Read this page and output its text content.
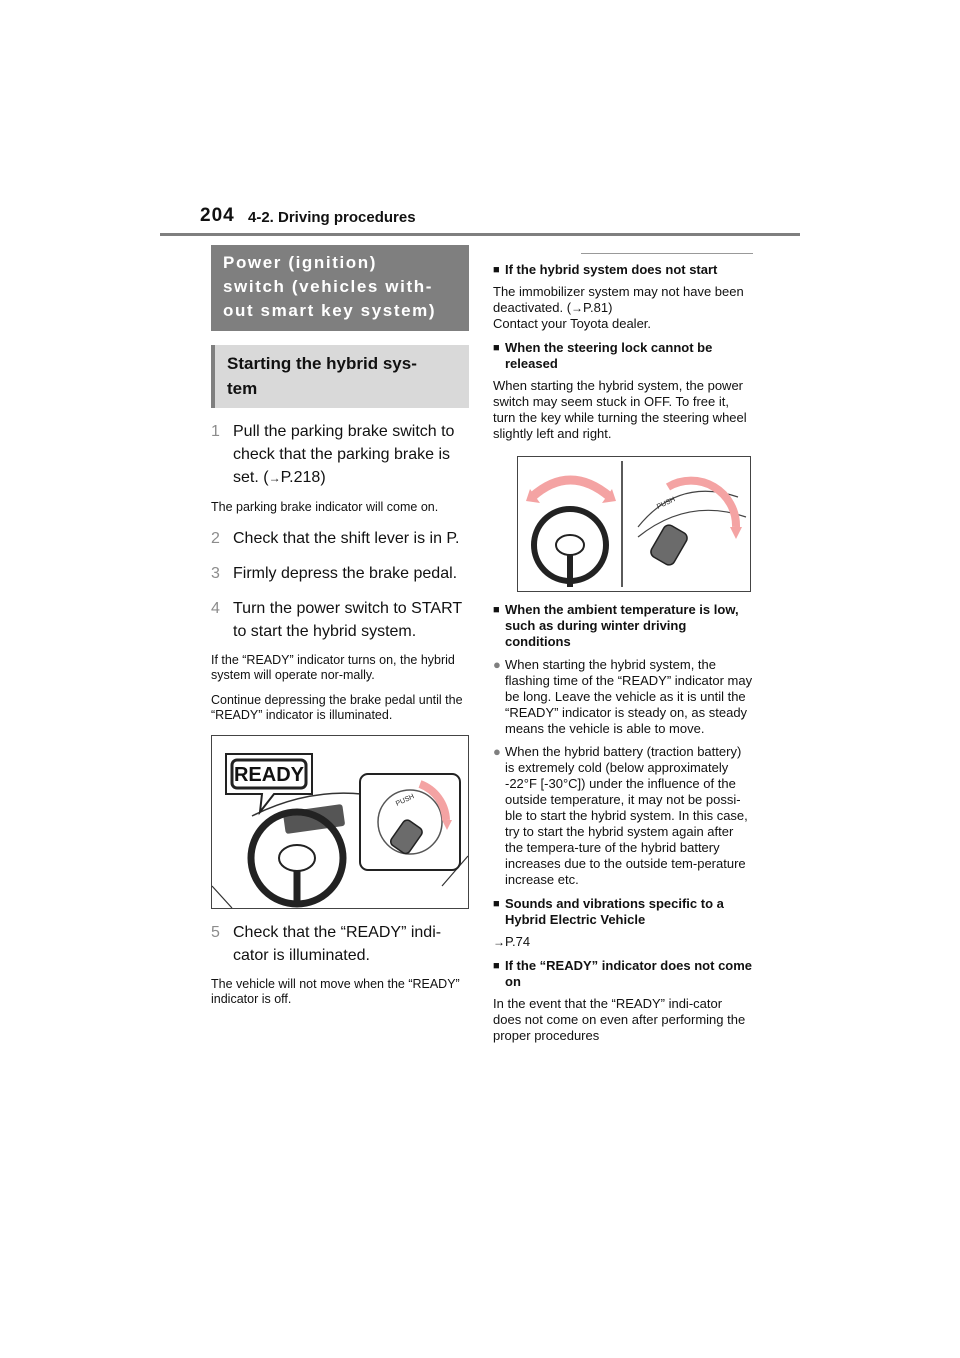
204 4-2. Driving procedures
Power (ignition)
switch (vehicles with-
out smart key system)
Starting the hybrid sys-
tem
1 Pull the parking brake switch to check that the parking brake is set. (→P.218)
The parking brake indicator will come on.
2 Check that the shift lever is in P.
3 Firmly depress the brake pedal.
4 Turn the power switch to START to start the hybrid system.
If the “READY” indicator turns on, the hybrid system will operate nor-mally.
Continue depressing the brake pedal until the “READY” indicator is illuminated.
READY
PUSH
5 Check that the “READY” indi-cator is illuminated.
The vehicle will not move when the “READY” indicator is off.
■ If the hybrid system does not start
The immobilizer system may not have been deactivated. (→P.81)
Contact your Toyota dealer.
■ When the steering lock cannot be released
When starting the hybrid system, the power switch may seem stuck in OFF. To free it, turn the key while turning the steering wheel slightly left and right.
PUSH
■ When the ambient temperature is low, such as during winter driving conditions
● When starting the hybrid system, the flashing time of the “READY” indicator may be long. Leave the vehicle as it is until the “READY” indicator is steady on, as steady means the vehicle is able to move.
● When the hybrid battery (traction battery) is extremely cold (below approximately -22°F [-30°C]) under the influence of the outside temperature, it may not be possi-ble to start the hybrid system. In this case, try to start the hybrid system again after the tempera-ture of the hybrid battery increases due to the outside tem-perature increase etc.
■ Sounds and vibrations specific to a Hybrid Electric Vehicle
→P.74
■ If the “READY” indicator does not come on
In the event that the “READY” indi-cator does not come on even after performing the proper procedures
